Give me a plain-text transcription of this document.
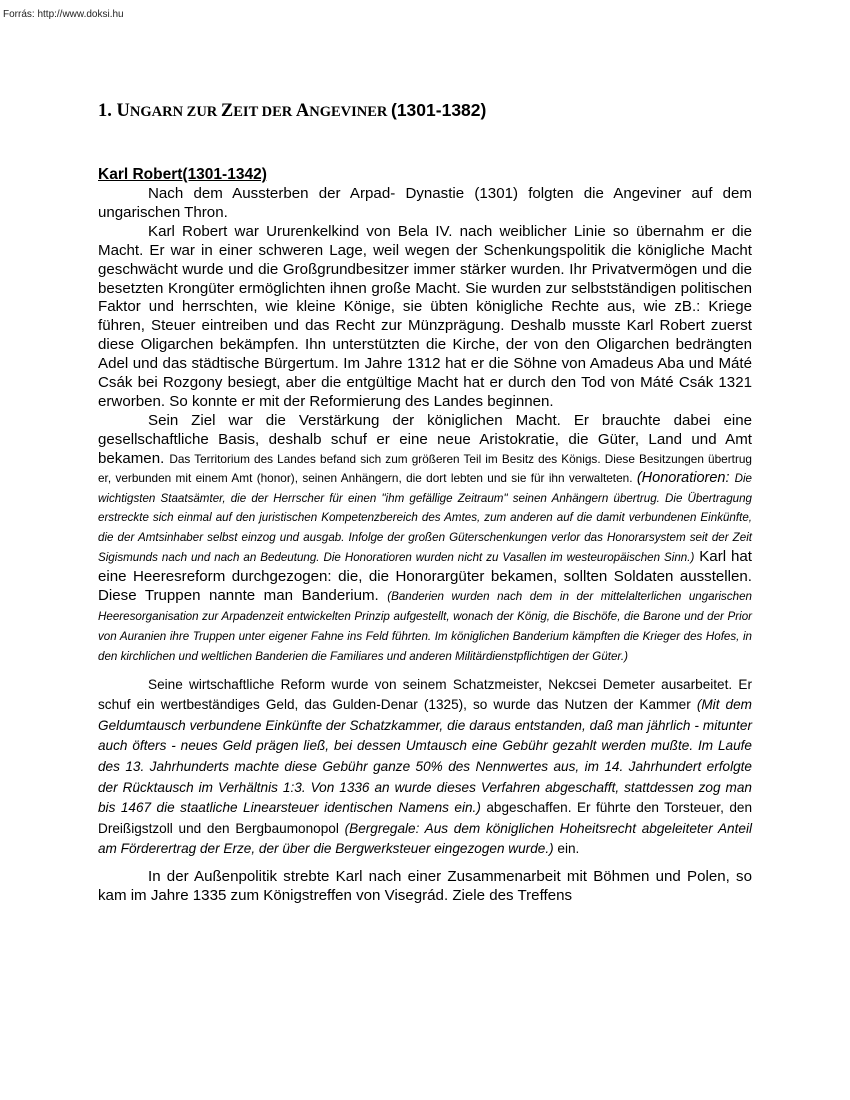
Forrás: http://www.doksi.hu
1. UNGARN ZUR ZEIT DER ANGEVINER (1301-1382)
Karl Robert(1301-1342)

Nach dem Aussterben der Arpad- Dynastie (1301) folgten die Angeviner auf dem ungarischen Thron.

Karl Robert war Ururenkelkind von Bela IV. nach weiblicher Linie so übernahm er die Macht. Er war in einer schweren Lage, weil wegen der Schenkungspolitik die königliche Macht geschwächt wurde und die Großgrundbesitzer immer stärker wurden. Ihr Privatvermögen und die besetzten Krongüter ermöglichten ihnen große Macht. Sie wurden zur selbstständigen politischen Faktor und herrschten, wie kleine Könige, sie übten königliche Rechte aus, wie zB.: Kriege führen, Steuer eintreiben und das Recht zur Münzprägung. Deshalb musste Karl Robert zuerst diese Oligarchen bekämpfen. Ihn unterstützten die Kirche, der von den Oligarchen bedrängten Adel und das städtische Bürgertum. Im Jahre 1312 hat er die Söhne von Amadeus Aba und Máté Csák bei Rozgony besiegt, aber die entgültige Macht hat er durch den Tod von Máté Csák 1321 erworben. So konnte er mit der Reformierung des Landes beginnen.

Sein Ziel war die Verstärkung der königlichen Macht. Er brauchte dabei eine gesellschaftliche Basis, deshalb schuf er eine neue Aristokratie, die Güter, Land und Amt bekamen. Das Territorium des Landes befand sich zum größeren Teil im Besitz des Königs. Diese Besitzungen übertrug er, verbunden mit einem Amt (honor), seinen Anhängern, die dort lebten und sie für ihn verwalteten. (Honoratioren: Die wichtigsten Staatsämter, die der Herrscher für einen "ihm gefällige Zeitraum" seinen Anhängern übertrug. Die Übertragung erstreckte sich einmal auf den juristischen Kompetenzbereich des Amtes, zum anderen auf die damit verbundenen Einkünfte, die der Amtsinhaber selbst einzog und ausgab. Infolge der großen Güterschenkungen verlor das Honorarsystem seit der Zeit Sigismunds nach und nach an Bedeutung. Die Honoratioren wurden nicht zu Vasallen im westeuropäischen Sinn.) Karl hat eine Heeresreform durchgezogen: die, die Honorargüter bekamen, sollten Soldaten ausstellen. Diese Truppen nannte man Banderium. (Banderien wurden nach dem in der mittelalterlichen ungarischen Heeresorganisation zur Arpadenzeit entwickelten Prinzip aufgestellt, wonach der König, die Bischöfe, die Barone und der Prior von Auranien ihre Truppen unter eigener Fahne ins Feld führten. Im königlichen Banderium kämpften die Krieger des Hofes, in den kirchlichen und weltlichen Banderien die Familiares und anderen Militärdienstpflichtigen der Güter.)

Seine wirtschaftliche Reform wurde von seinem Schatzmeister, Nekcsei Demeter ausarbeitet. Er schuf ein wertbeständiges Geld, das Gulden-Denar (1325), so wurde das Nutzen der Kammer (Mit dem Geldumtausch verbundene Einkünfte der Schatzkammer, die daraus entstanden, daß man jährlich - mitunter auch öfters - neues Geld prägen ließ, bei dessen Umtausch eine Gebühr gezahlt werden mußte. Im Laufe des 13. Jahrhunderts machte diese Gebühr ganze 50% des Nennwertes aus, im 14. Jahrhundert erfolgte der Rücktausch im Verhältnis 1:3. Von 1336 an wurde dieses Verfahren abgeschafft, stattdessen zog man bis 1467 die staatliche Linearsteuer identischen Namens ein.) abgeschaffen. Er führte den Torsteuer, den Dreißigstzoll und den Bergbaumonopol (Bergregale: Aus dem königlichen Hoheitsrecht abgeleiteter Anteil am Förderertrag der Erze, der über die Bergwerksteuer eingezogen wurde.) ein.

In der Außenpolitik strebte Karl nach einer Zusammenarbeit mit Böhmen und Polen, so kam im Jahre 1335 zum Königstreffen von Visegrád. Ziele des Treffens
